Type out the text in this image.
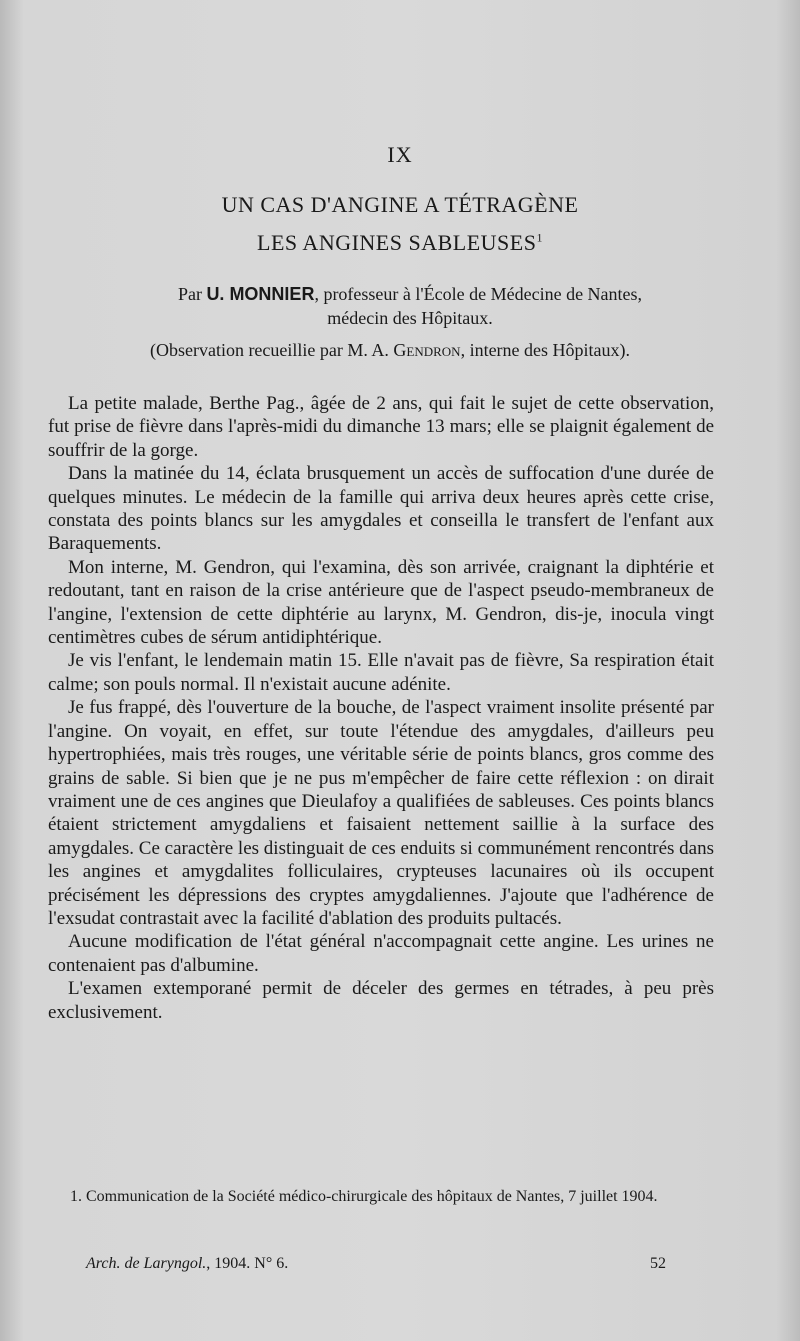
IX
UN CAS D'ANGINE A TÉTRAGÈNE
LES ANGINES SABLEUSES$^1$
Par U. MONNIER, professeur à l'École de Médecine de Nantes,
médecin des Hôpitaux.
(Observation recueillie par M. A. Gendron, interne des Hôpitaux).

La petite malade, Berthe Pag., âgée de 2 ans, qui fait le sujet de cette observation, fut prise de fièvre dans l'après-midi du dimanche 13 mars; elle se plaignit également de souffrir de la gorge.

Dans la matinée du 14, éclata brusquement un accès de suffocation d'une durée de quelques minutes. Le médecin de la famille qui arriva deux heures après cette crise, constata des points blancs sur les amygdales et conseilla le transfert de l'enfant aux Baraquements.

Mon interne, M. Gendron, qui l'examina, dès son arrivée, craignant la diphtérie et redoutant, tant en raison de la crise antérieure que de l'aspect pseudo-membraneux de l'angine, l'extension de cette diphtérie au larynx, M. Gendron, dis-je, inocula vingt centimètres cubes de sérum antidiphtérique.

Je vis l'enfant, le lendemain matin 15. Elle n'avait pas de fièvre, Sa respiration était calme; son pouls normal. Il n'existait aucune adénite.

Je fus frappé, dès l'ouverture de la bouche, de l'aspect vraiment insolite présenté par l'angine. On voyait, en effet, sur toute l'étendue des amygdales, d'ailleurs peu hypertrophiées, mais très rouges, une véritable série de points blancs, gros comme des grains de sable. Si bien que je ne pus m'empêcher de faire cette réflexion : on dirait vraiment une de ces angines que Dieulafoy a qualifiées de sableuses. Ces points blancs étaient strictement amygdaliens et faisaient nettement saillie à la surface des amygdales. Ce caractère les distinguait de ces enduits si communément rencontrés dans les angines et amygdalites folliculaires, crypteuses lacunaires où ils occupent précisément les dépressions des cryptes amygdaliennes. J'ajoute que l'adhérence de l'exsudat contrastait avec la facilité d'ablation des produits pultacés.

Aucune modification de l'état général n'accompagnait cette angine. Les urines ne contenaient pas d'albumine.

L'examen extemporané permit de déceler des germes en tétrades, à peu près exclusivement.

1. Communication de la Société médico-chirurgicale des hôpitaux de Nantes, 7 juillet 1904.

Arch. de Laryngol., 1904. N° 6.	52
